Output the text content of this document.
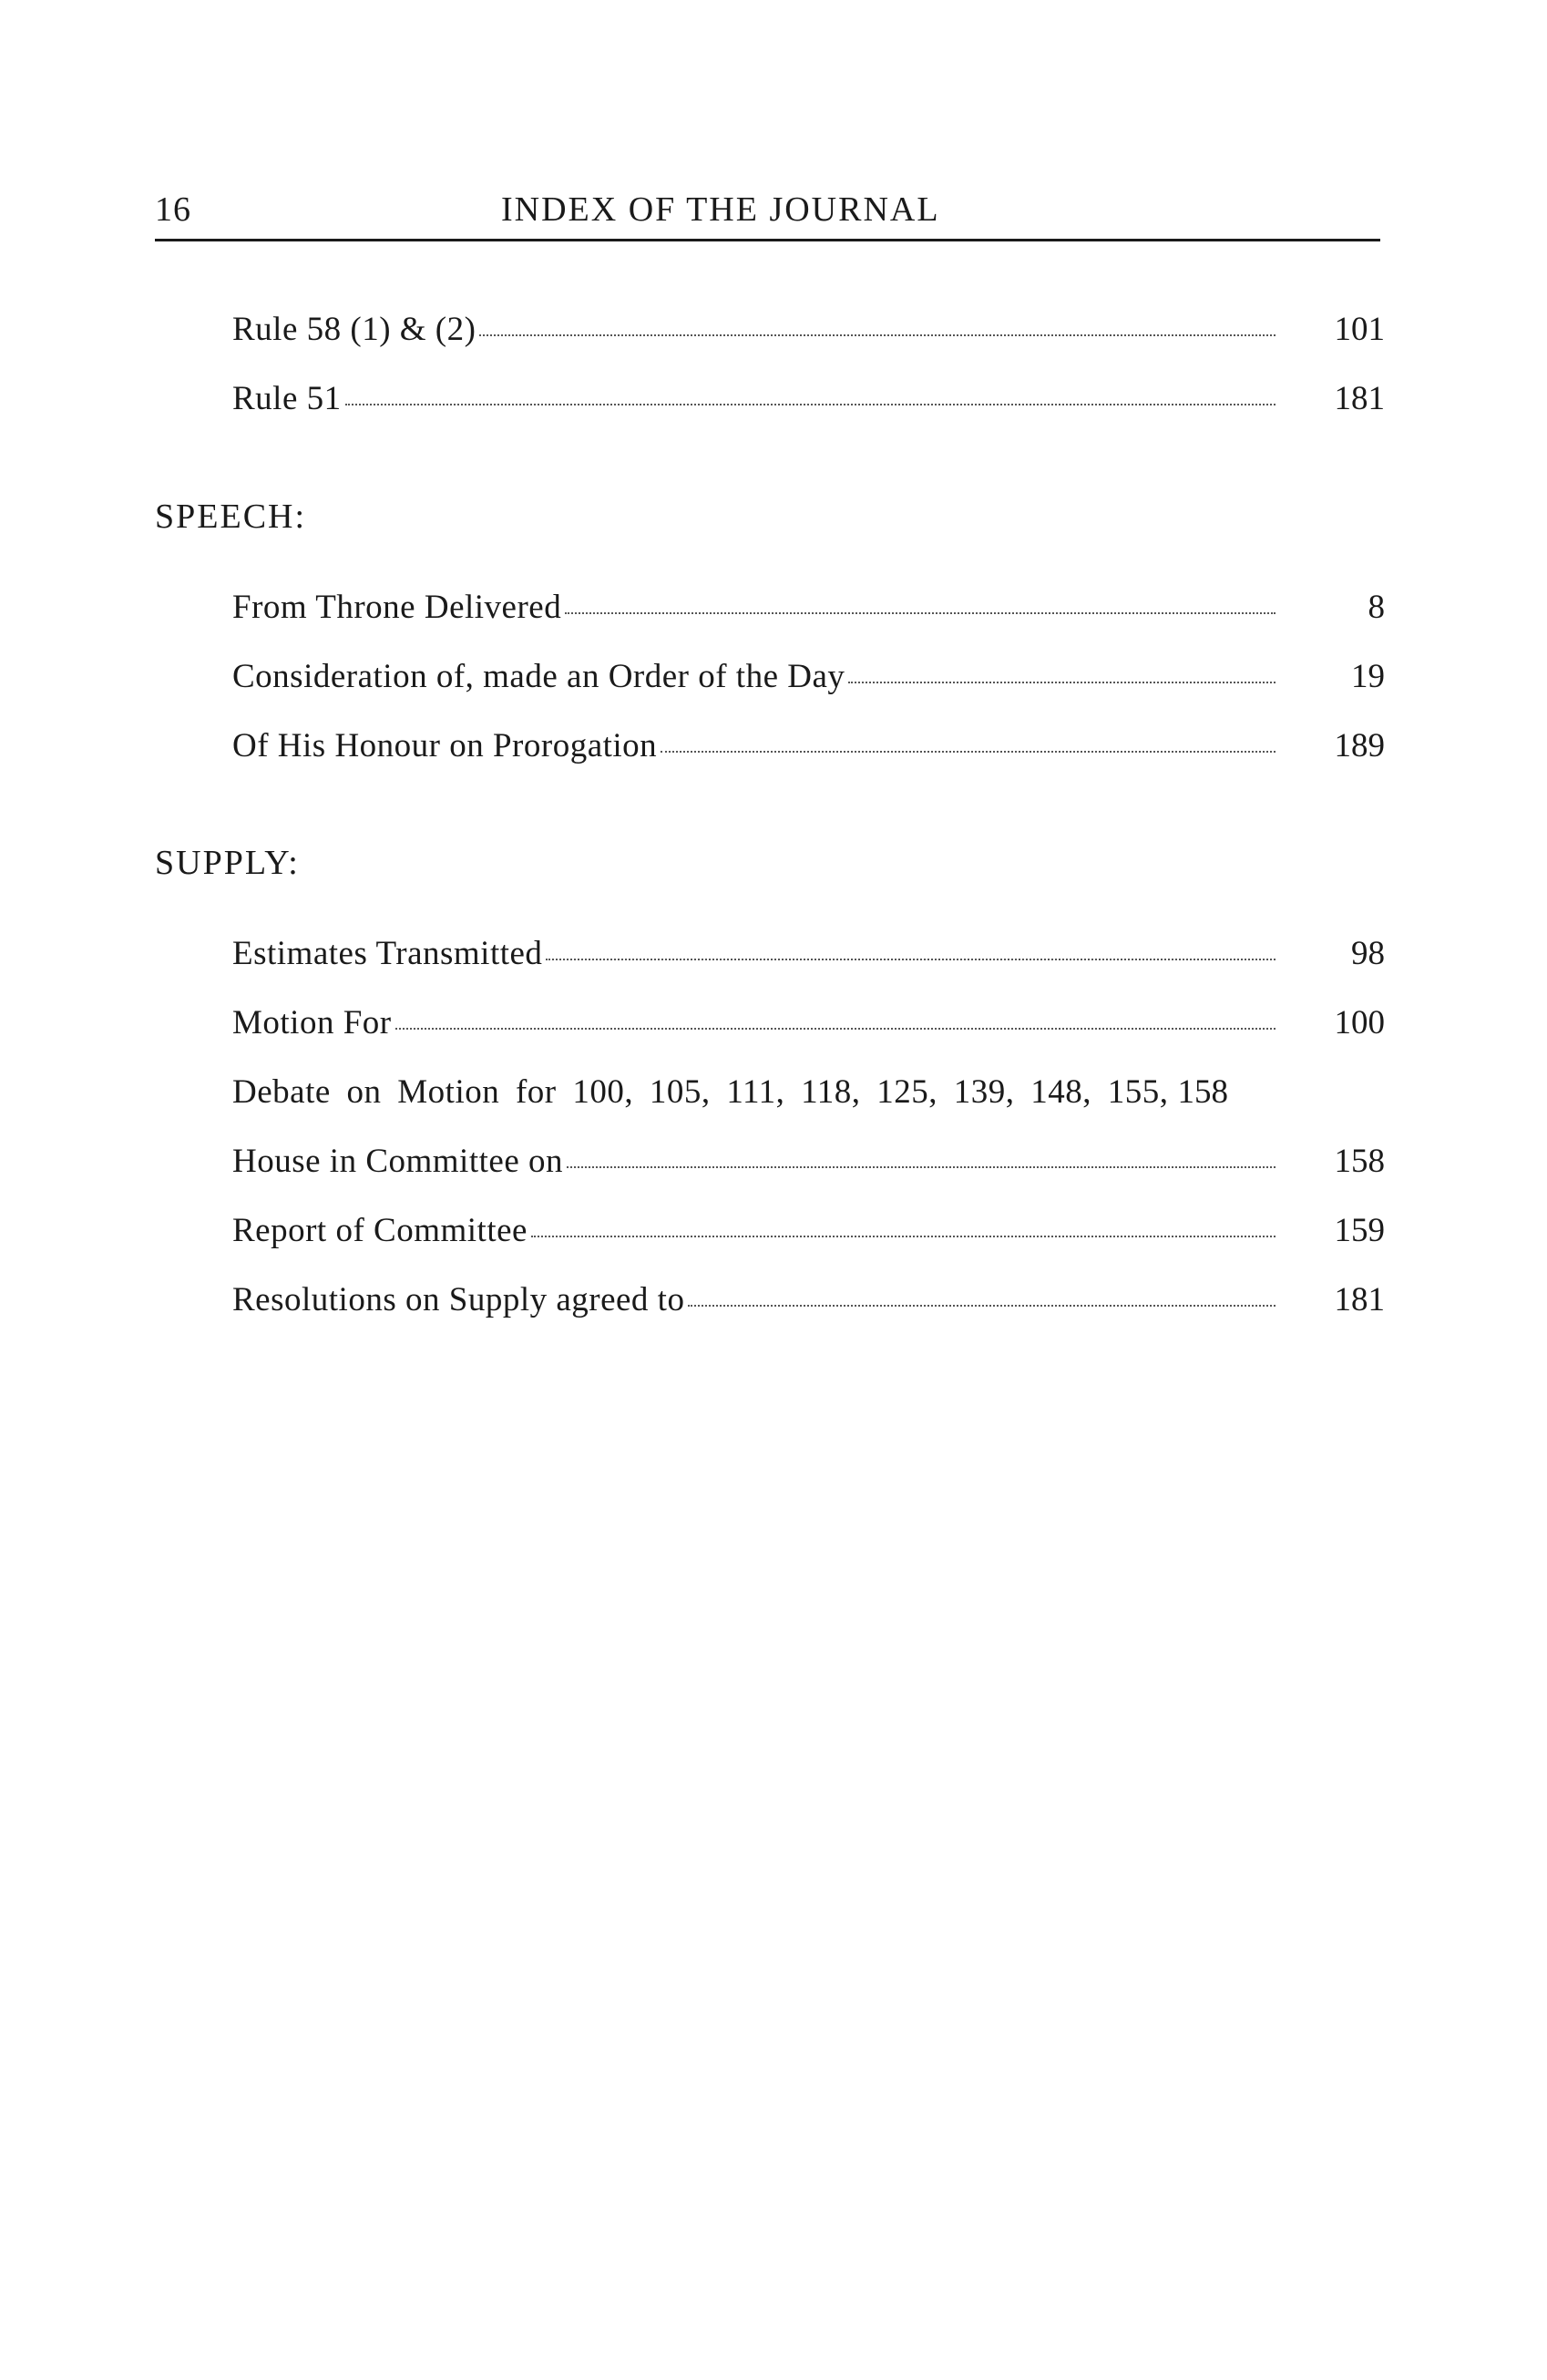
16	INDEX OF THE JOURNAL
Rule 58 (1) & (2)	101
Rule 51	181
SPEECH:
From Throne Delivered	8
Consideration of, made an Order of the Day	19
Of His Honour on Prorogation	189
SUPPLY:
Estimates Transmitted	98
Motion For	100
Debate on Motion for 100, 105, 111, 118, 125, 139, 148, 155, 158
House in Committee on	158
Report of Committee	159
Resolutions on Supply agreed to	181
